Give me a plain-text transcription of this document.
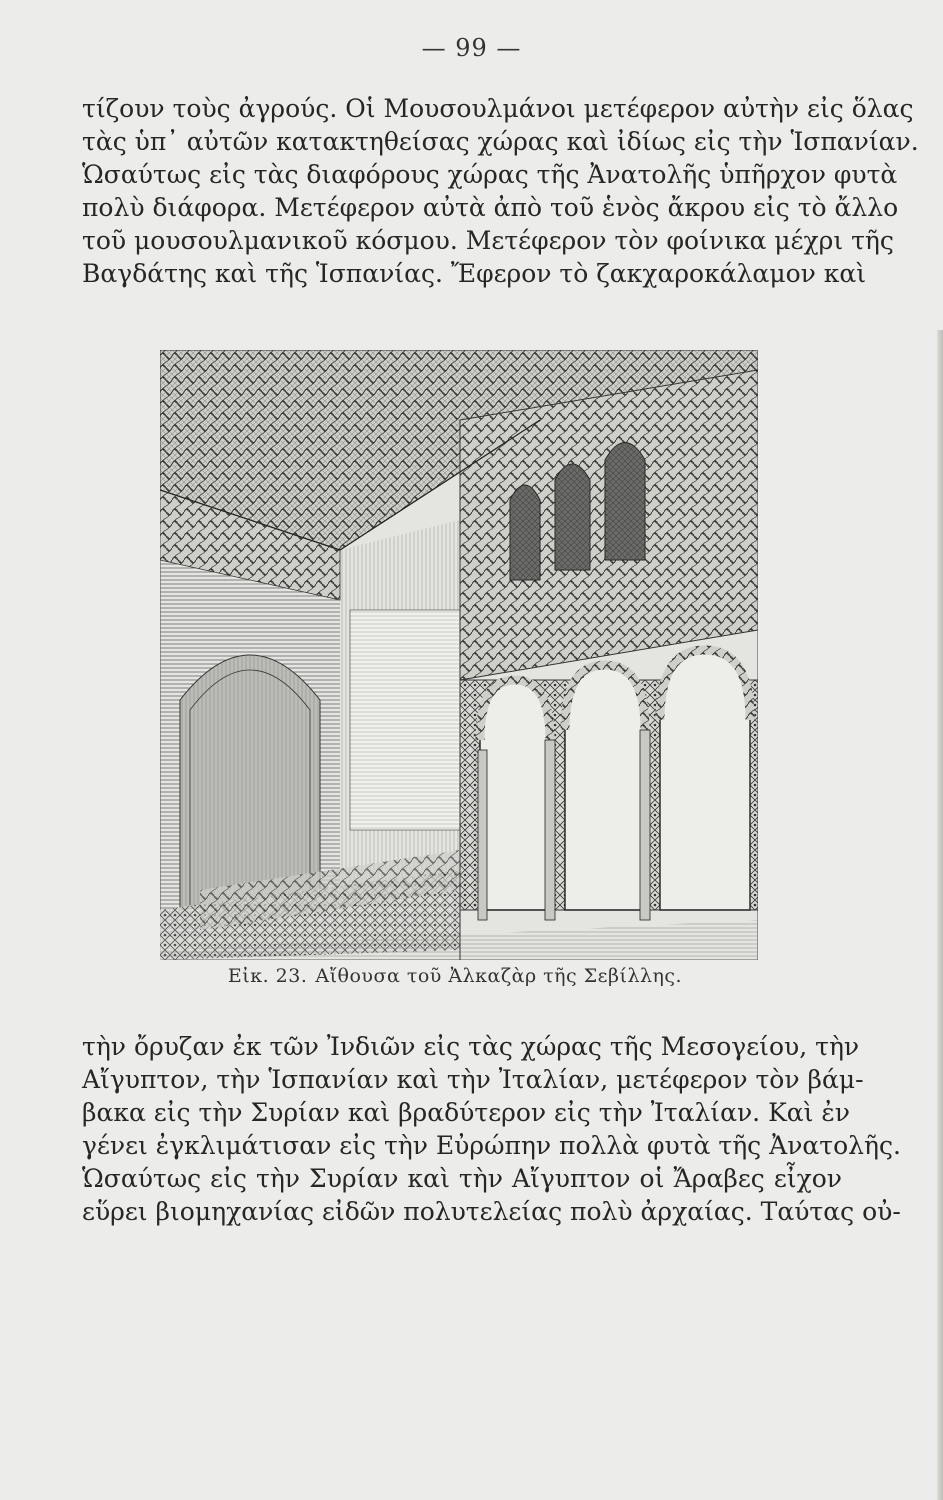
— 99 —
τίζουν τοὺς ἀγρούς. Οἱ Μουσουλμάνοι μετέφερον αὐτὴν εἰς ὅλας
τὰς ὑπ᾽ αὐτῶν κατακτηθείσας χώρας καὶ ἰδίως εἰς τὴν Ἱσπανίαν.
Ὡσαύτως εἰς τὰς διαφόρους χώρας τῆς Ἀνατολῆς ὑπῆρχον φυτὰ
πολὺ διάφορα. Μετέφερον αὐτὰ ἀπὸ τοῦ ἑνὸς ἄκρου εἰς τὸ ἄλλο
τοῦ μουσουλμανικοῦ κόσμου. Μετέφερον τὸν φοίνικα μέχρι τῆς
Βαγδάτης καὶ τῆς Ἱσπανίας. Ἔφερον τὸ ζακχαροκάλαμον καὶ
Εἰκ. 23. Αἴθουσα τοῦ Ἀλκαζὰρ τῆς Σεβίλλης.
τὴν ὄρυζαν ἐκ τῶν Ἰνδιῶν εἰς τὰς χώρας τῆς Μεσογείου, τὴν
Αἴγυπτον, τὴν Ἱσπανίαν καὶ τὴν Ἰταλίαν, μετέφερον τὸν βάμ-
βακα εἰς τὴν Συρίαν καὶ βραδύτερον εἰς τὴν Ἰταλίαν. Καὶ ἐν
γένει ἐγκλιμάτισαν εἰς τὴν Εὐρώπην πολλὰ φυτὰ τῆς Ἀνατολῆς.
Ὡσαύτως εἰς τὴν Συρίαν καὶ τὴν Αἴγυπτον οἱ Ἄραβες εἶχον
εὕρει βιομηχανίας εἰδῶν πολυτελείας πολὺ ἀρχαίας. Ταύτας οὐ-
